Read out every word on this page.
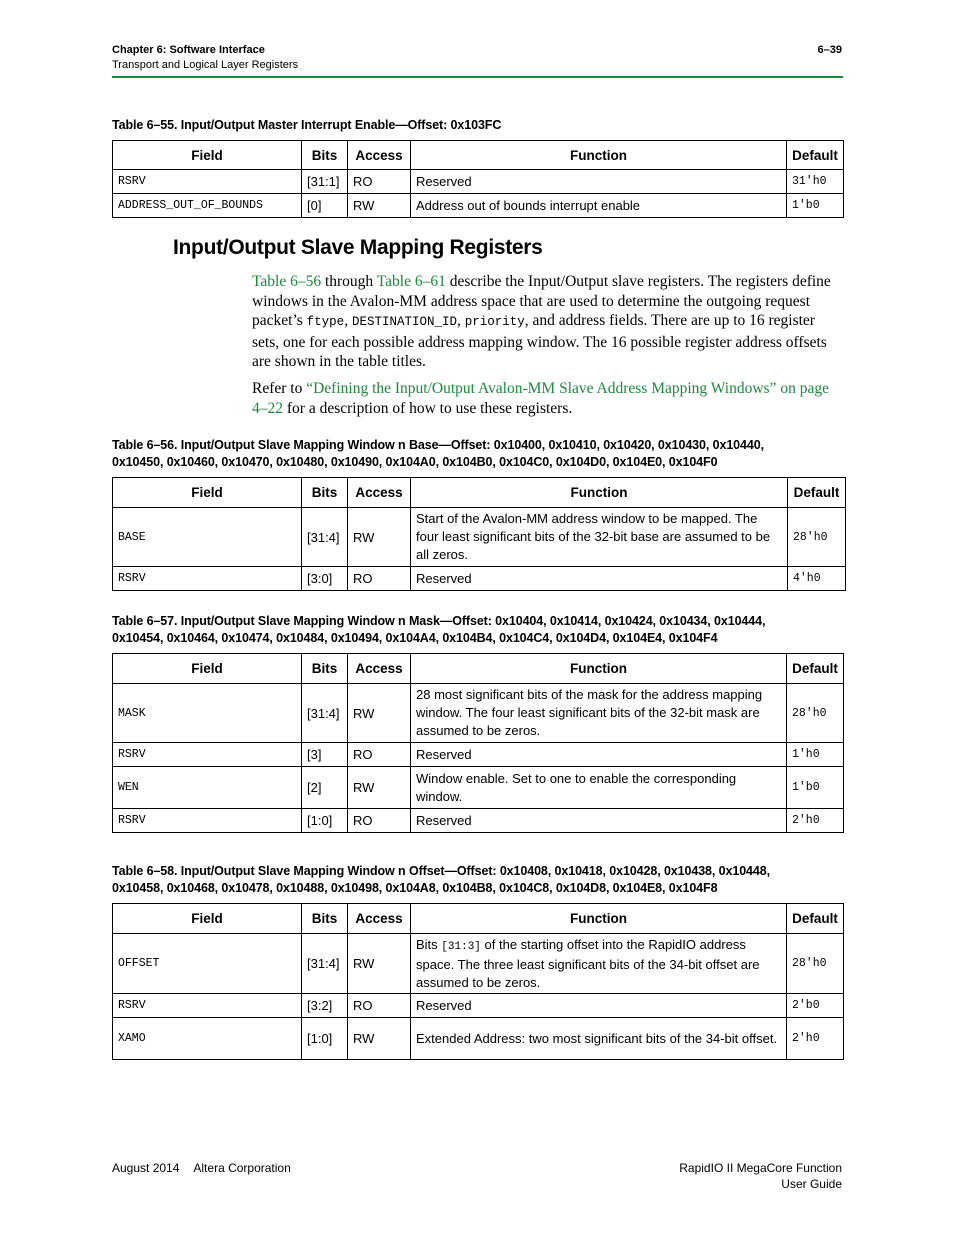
Chapter 6: Software Interface
Transport and Logical Layer Registers
6–39
Table 6–55. Input/Output Master Interrupt Enable—Offset: 0x103FC
Field	Bits	Access	Function	Default
RSRV	[31:1]	RO	Reserved	31'h0
ADDRESS_OUT_OF_BOUNDS	[0]	RW	Address out of bounds interrupt enable	1'b0
Input/Output Slave Mapping Registers
Table 6–56 through Table 6–61 describe the Input/Output slave registers. The registers define windows in the Avalon-MM address space that are used to determine the outgoing request packet’s ftype, DESTINATION_ID, priority, and address fields. There are up to 16 register sets, one for each possible address mapping window. The 16 possible register address offsets are shown in the table titles.
Refer to “Defining the Input/Output Avalon-MM Slave Address Mapping Windows” on page 4–22 for a description of how to use these registers.
Table 6–56. Input/Output Slave Mapping Window n Base—Offset: 0x10400, 0x10410, 0x10420, 0x10430, 0x10440,
0x10450, 0x10460, 0x10470, 0x10480, 0x10490, 0x104A0, 0x104B0, 0x104C0, 0x104D0, 0x104E0, 0x104F0
Field	Bits	Access	Function	Default
BASE	[31:4]	RW	Start of the Avalon-MM address window to be mapped. The four least significant bits of the 32-bit base are assumed to be all zeros.	28'h0
RSRV	[3:0]	RO	Reserved	4'h0
Table 6–57. Input/Output Slave Mapping Window n Mask—Offset: 0x10404, 0x10414, 0x10424, 0x10434, 0x10444,
0x10454, 0x10464, 0x10474, 0x10484, 0x10494, 0x104A4, 0x104B4, 0x104C4, 0x104D4, 0x104E4, 0x104F4
Field	Bits	Access	Function	Default
MASK	[31:4]	RW	28 most significant bits of the mask for the address mapping window. The four least significant bits of the 32-bit mask are assumed to be zeros.	28'h0
RSRV	[3]	RO	Reserved	1'h0
WEN	[2]	RW	Window enable. Set to one to enable the corresponding window.	1'b0
RSRV	[1:0]	RO	Reserved	2'h0
Table 6–58. Input/Output Slave Mapping Window n Offset—Offset: 0x10408, 0x10418, 0x10428, 0x10438, 0x10448,
0x10458, 0x10468, 0x10478, 0x10488, 0x10498, 0x104A8, 0x104B8, 0x104C8, 0x104D8, 0x104E8, 0x104F8
Field	Bits	Access	Function	Default
OFFSET	[31:4]	RW	Bits [31:3] of the starting offset into the RapidIO address space. The three least significant bits of the 34-bit offset are assumed to be zeros.	28'h0
RSRV	[3:2]	RO	Reserved	2'b0
XAMO	[1:0]	RW	Extended Address: two most significant bits of the 34-bit offset.	2'h0
August 2014 Altera Corporation	RapidIO II MegaCore Function
User Guide
